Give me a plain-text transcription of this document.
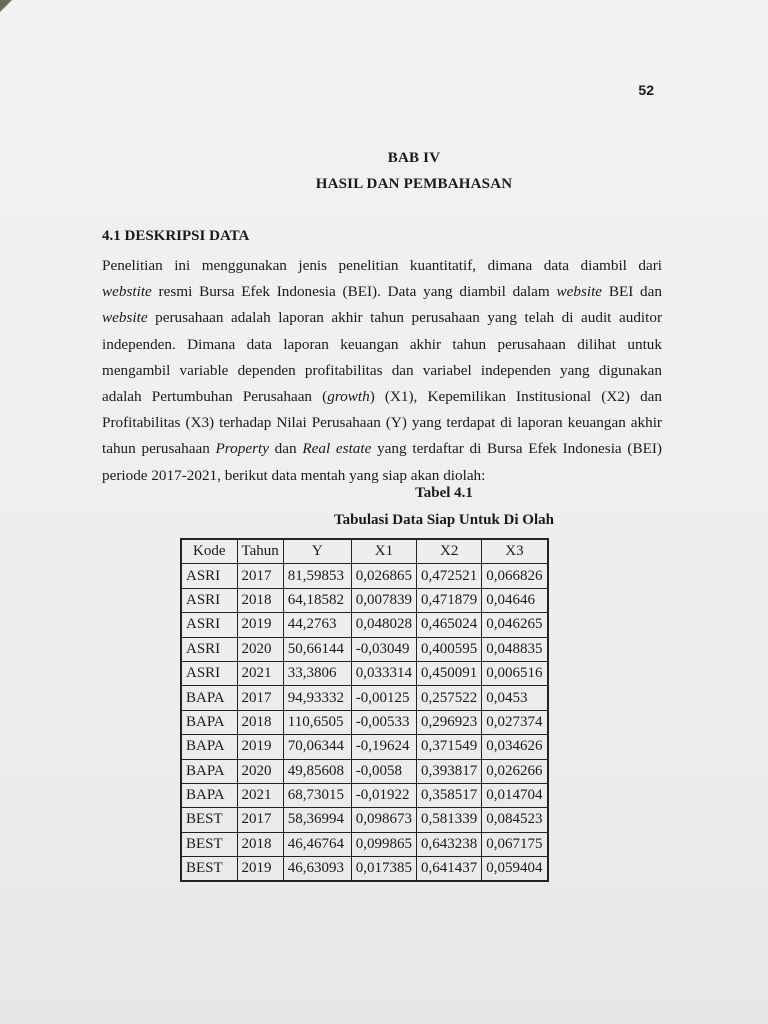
52
BAB IV
HASIL DAN PEMBAHASAN
4.1 DESKRIPSI DATA
Penelitian ini menggunakan jenis penelitian kuantitatif, dimana data diambil dari
webstite resmi Bursa Efek Indonesia (BEI). Data yang diambil dalam website BEI dan
website perusahaan adalah laporan akhir tahun perusahaan yang telah di audit auditor
independen. Dimana data laporan keuangan akhir tahun perusahaan dilihat untuk
mengambil variable dependen profitabilitas dan variabel independen yang digunakan
adalah Pertumbuhan Perusahaan (growth) (X1), Kepemilikan Institusional (X2) dan
Profitabilitas (X3) terhadap Nilai Perusahaan (Y) yang terdapat di laporan keuangan akhir
tahun perusahaan Property dan Real estate yang terdaftar di Bursa Efek Indonesia (BEI)
periode 2017-2021, berikut data mentah yang siap akan diolah:
Tabel 4.1
Tabulasi Data Siap Untuk Di Olah
Kode	Tahun	Y	X1	X2	X3
ASRI	2017	81,59853	0,026865	0,472521	0,066826
ASRI	2018	64,18582	0,007839	0,471879	0,04646
ASRI	2019	44,2763	0,048028	0,465024	0,046265
ASRI	2020	50,66144	-0,03049	0,400595	0,048835
ASRI	2021	33,3806	0,033314	0,450091	0,006516
BAPA	2017	94,93332	-0,00125	0,257522	0,0453
BAPA	2018	110,6505	-0,00533	0,296923	0,027374
BAPA	2019	70,06344	-0,19624	0,371549	0,034626
BAPA	2020	49,85608	-0,0058	0,393817	0,026266
BAPA	2021	68,73015	-0,01922	0,358517	0,014704
BEST	2017	58,36994	0,098673	0,581339	0,084523
BEST	2018	46,46764	0,099865	0,643238	0,067175
BEST	2019	46,63093	0,017385	0,641437	0,059404
